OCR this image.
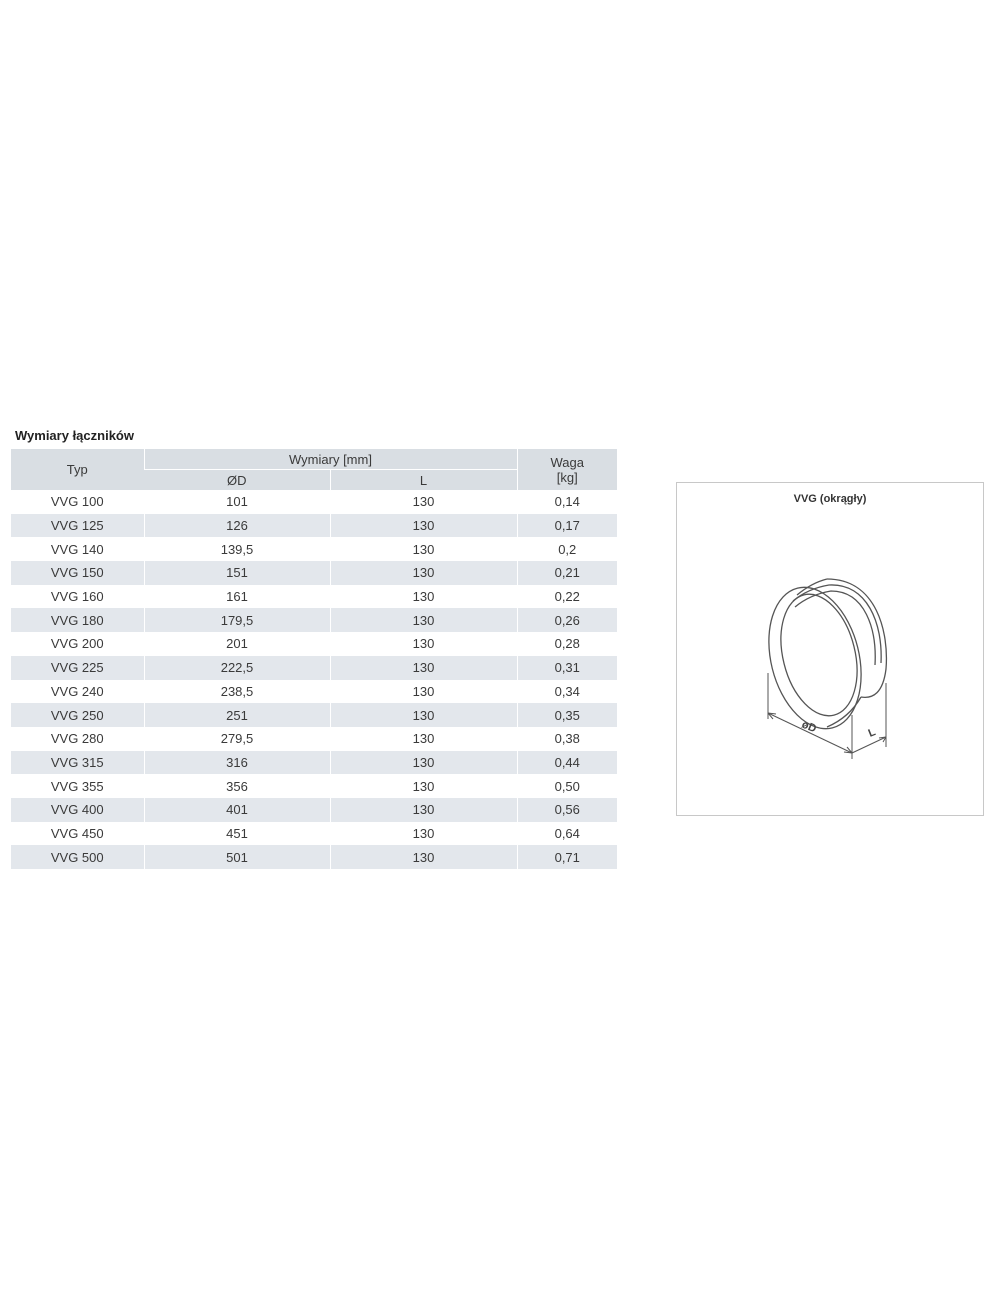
Wymiary łączników
Typ	Wymiary [mm]		Waga
[kg]

	ØD	L	
VVG 100	101	130	0,14
VVG 125	126	130	0,17
VVG 140	139,5	130	0,2
VVG 150	151	130	0,21
VVG 160	161	130	0,22
VVG 180	179,5	130	0,26
VVG 200	201	130	0,28
VVG 225	222,5	130	0,31
VVG 240	238,5	130	0,34
VVG 250	251	130	0,35
VVG 280	279,5	130	0,38
VVG 315	316	130	0,44
VVG 355	356	130	0,50
VVG 400	401	130	0,56
VVG 450	451	130	0,64
VVG 500	501	130	0,71
VVG (okrągły)
øD	L
